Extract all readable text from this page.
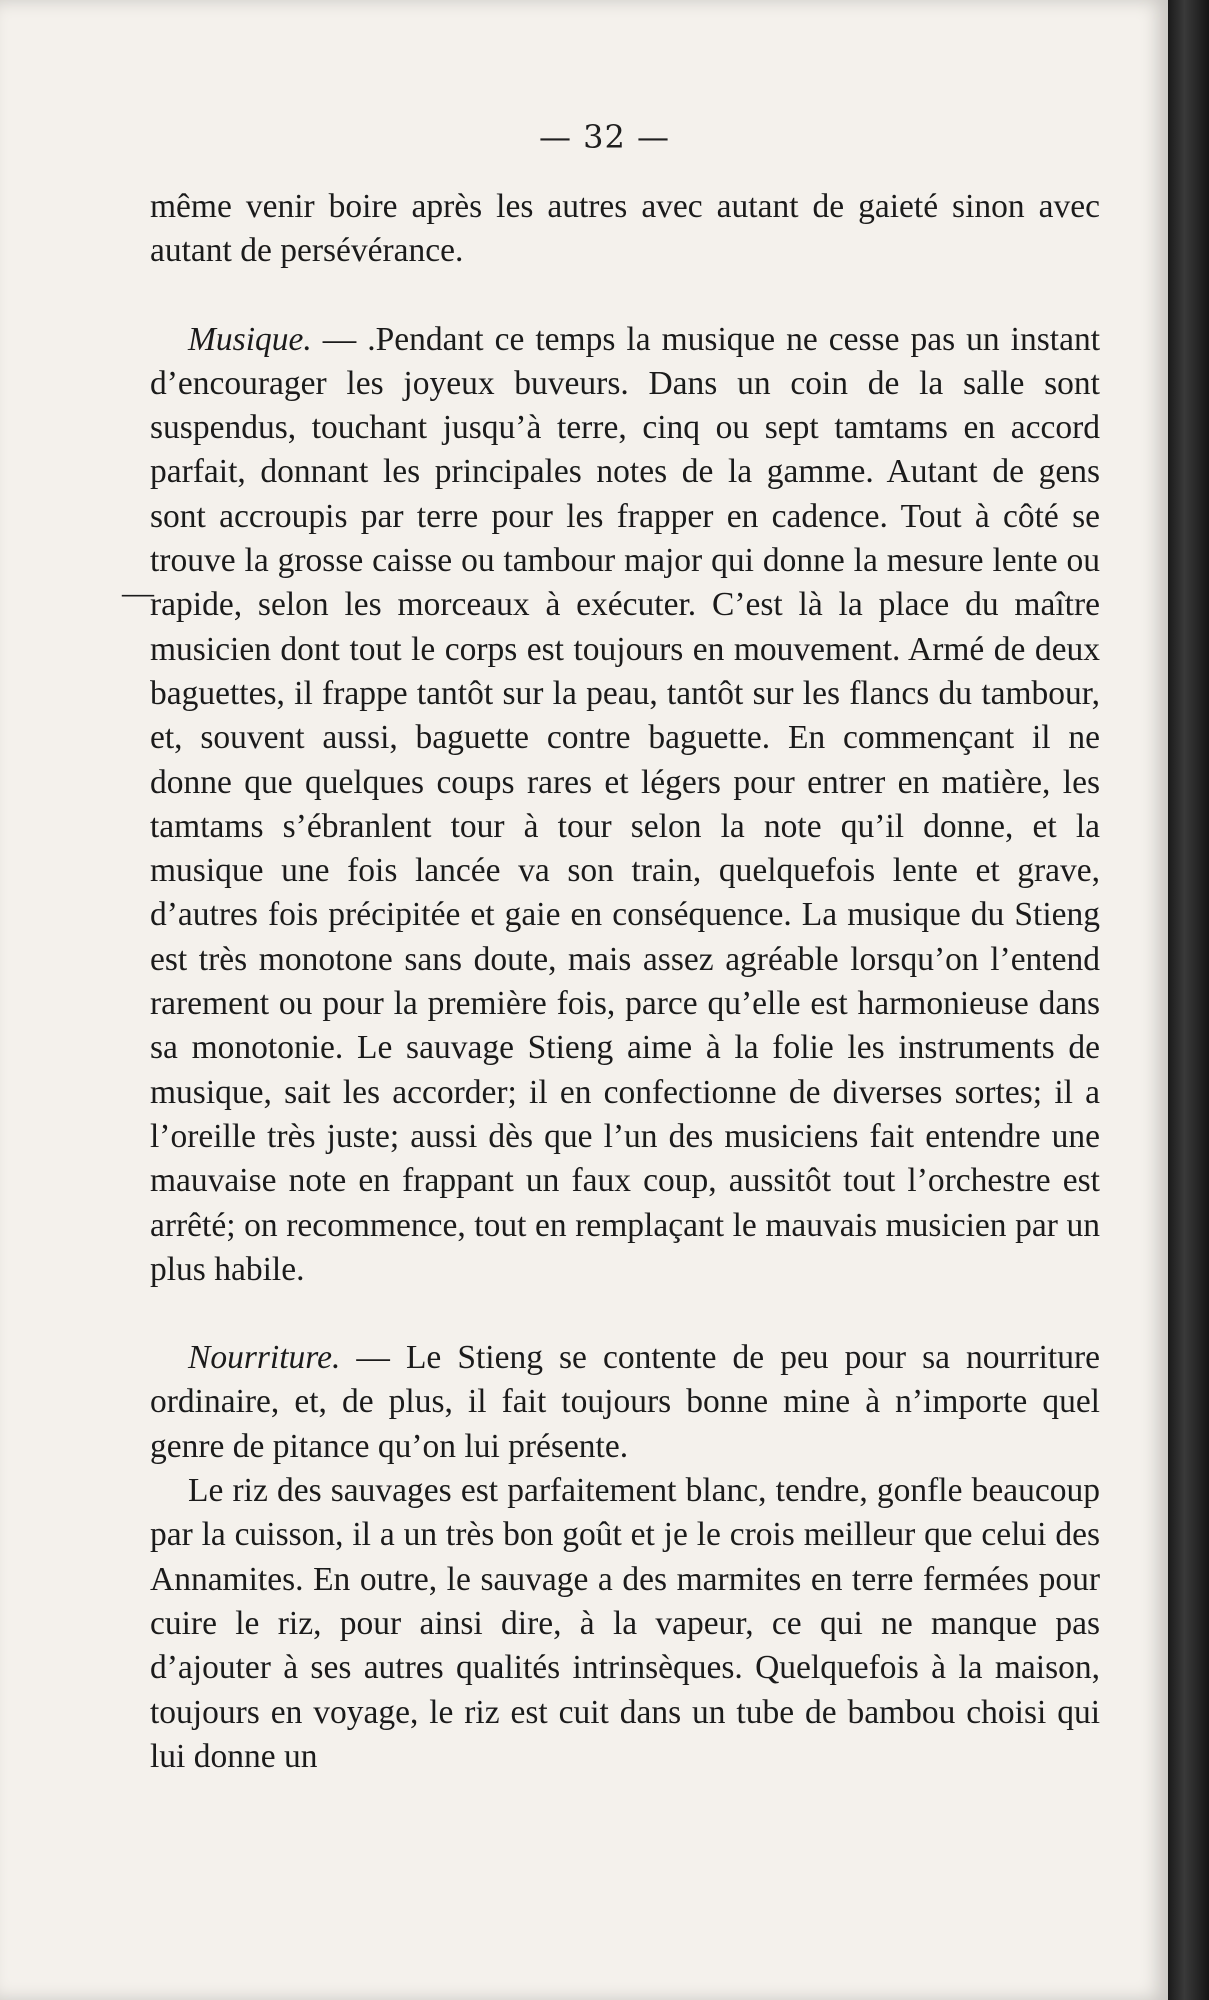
— 32 —
—

même venir boire après les autres avec autant de gaieté sinon avec autant de persévérance.

Musique. — .Pendant ce temps la musique ne cesse pas un instant d’encourager les joyeux buveurs. Dans un coin de la salle sont suspendus, touchant jusqu’à terre, cinq ou sept tamtams en accord parfait, donnant les principales notes de la gamme. Autant de gens sont accroupis par terre pour les frapper en cadence. Tout à côté se trouve la grosse caisse ou tambour major qui donne la mesure lente ou rapide, selon les morceaux à exécuter. C’est là la place du maître musicien dont tout le corps est toujours en mouvement. Armé de deux baguettes, il frappe tantôt sur la peau, tantôt sur les flancs du tambour, et, souvent aussi, baguette contre baguette. En commençant il ne donne que quelques coups rares et légers pour entrer en matière, les tamtams s’ébranlent tour à tour selon la note qu’il donne, et la musique une fois lancée va son train, quelquefois lente et grave, d’autres fois précipitée et gaie en conséquence. La musique du Stieng est très monotone sans doute, mais assez agréable lorsqu’on l’entend rarement ou pour la première fois, parce qu’elle est harmonieuse dans sa monotonie. Le sauvage Stieng aime à la folie les instruments de musique, sait les accorder; il en confectionne de diverses sortes; il a l’oreille très juste; aussi dès que l’un des musiciens fait entendre une mauvaise note en frappant un faux coup, aussitôt tout l’orchestre est arrêté; on recommence, tout en remplaçant le mauvais musicien par un plus habile.

Nourriture. — Le Stieng se contente de peu pour sa nourriture ordinaire, et, de plus, il fait toujours bonne mine à n’importe quel genre de pitance qu’on lui présente.

Le riz des sauvages est parfaitement blanc, tendre, gonfle beaucoup par la cuisson, il a un très bon goût et je le crois meilleur que celui des Annamites. En outre, le sauvage a des marmites en terre fermées pour cuire le riz, pour ainsi dire, à la vapeur, ce qui ne manque pas d’ajouter à ses autres qualités intrinsèques. Quelquefois à la maison, toujours en voyage, le riz est cuit dans un tube de bambou choisi qui lui donne un
